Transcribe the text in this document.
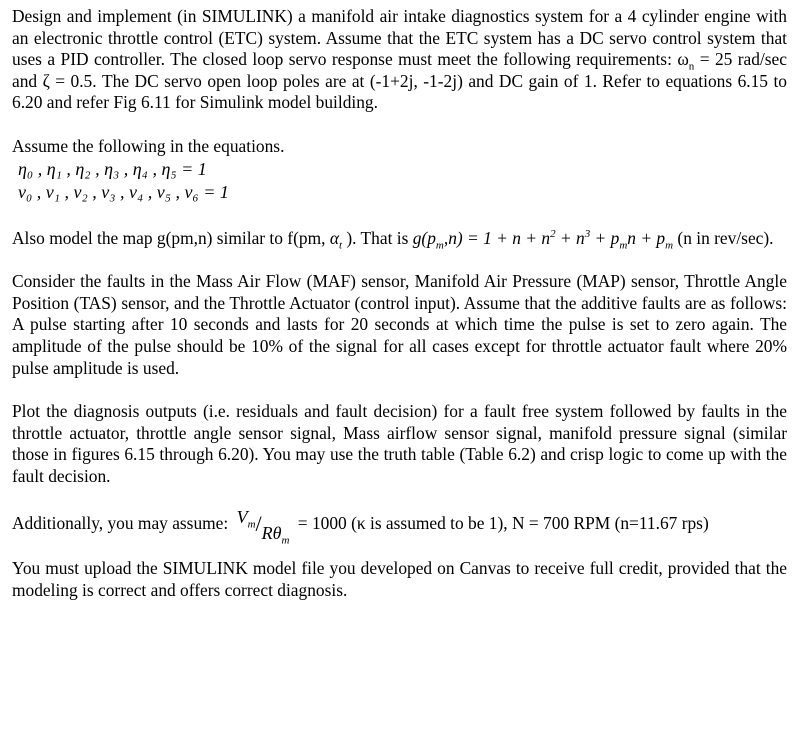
Design and implement (in SIMULINK) a manifold air intake diagnostics system for a 4 cylinder engine with an electronic throttle control (ETC) system. Assume that the ETC system has a DC servo control system that uses a PID controller. The closed loop servo response must meet the following requirements: $\omega_n = 25$ rad/sec and ζ = 0.5. The DC servo open loop poles are at (-1+2j, -1-2j) and DC gain of 1. Refer to equations 6.15 to 6.20 and refer Fig 6.11 for Simulink model building.

Assume the following in the equations.

η₀ , η₁ , η₂ , η₃ , η₄ , η₅ = 1
ν₀ , ν₁ , ν₂ , ν₃ , ν₄ , ν₅ , ν₆ = 1

Also model the map g(pm,n) similar to f(pm, $\alpha_t$ ). That is $g(p_m,n) = 1 + n + n^2 + n^3 + p_mn + p_m$ (n in rev/sec).

Consider the faults in the Mass Air Flow (MAF) sensor, Manifold Air Pressure (MAP) sensor, Throttle Angle Position (TAS) sensor, and the Throttle Actuator (control input). Assume that the additive faults are as follows: A pulse starting after 10 seconds and lasts for 20 seconds at which time the pulse is set to zero again. The amplitude of the pulse should be 10% of the signal for all cases except for throttle actuator fault where 20% pulse amplitude is used.

Plot the diagnosis outputs (i.e. residuals and fault decision) for a fault free system followed by faults in the throttle actuator, throttle angle sensor signal, Mass airflow sensor signal, manifold pressure signal (similar those in figures 6.15 through 6.20). You may use the truth table (Table 6.2) and crisp logic to come up with the fault decision.

Additionally, you may assume: $V_m/R\theta_m = 1000$ (κ is assumed to be 1), N = 700 RPM (n=11.67 rps)

You must upload the SIMULINK model file you developed on Canvas to receive full credit, provided that the modeling is correct and offers correct diagnosis.
